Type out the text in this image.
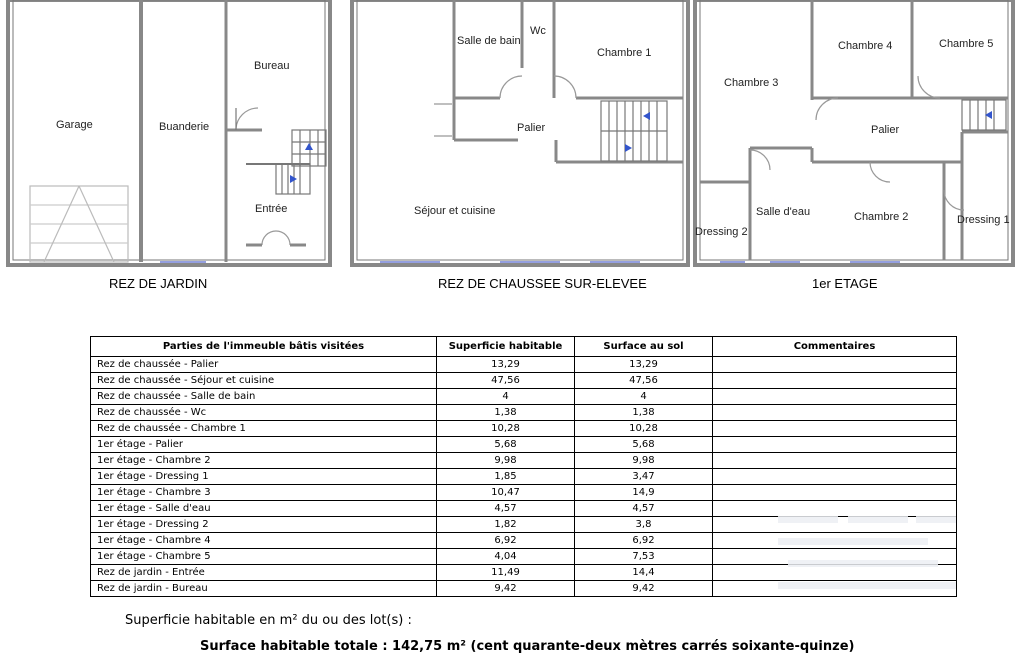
Garage	Buanderie
Bureau
Entrée
Salle de bain
Wc
Chambre 1
Palier
Séjour et cuisine
Chambre 4	Chambre 5
Chambre 3
Palier
Salle d'eau	Chambre 2
Dressing 2
Dressing 1
REZ DE JARDIN	REZ DE CHAUSSEE SUR-ELEVEE	1er ETAGE
Parties de l'immeuble bâtis visitées	Superficie habitable	Surface au sol	Commentaires
Rez de chaussée - Palier	13,29	13,29	
Rez de chaussée - Séjour et cuisine	47,56	47,56	
Rez de chaussée - Salle de bain	4	4	
Rez de chaussée - Wc	1,38	1,38	
Rez de chaussée - Chambre 1	10,28	10,28	
1er étage - Palier	5,68	5,68	
1er étage - Chambre 2	9,98	9,98	
1er étage - Dressing 1	1,85	3,47	
1er étage - Chambre 3	10,47	14,9	
1er étage - Salle d'eau	4,57	4,57	
1er étage - Dressing 2	1,82	3,8	
1er étage - Chambre 4	6,92	6,92	
1er étage - Chambre 5	4,04	7,53	
Rez de jardin - Entrée	11,49	14,4	
Rez de jardin - Bureau	9,42	9,42	
Superficie habitable en m² du ou des lot(s) :
Surface habitable totale : 142,75 m² (cent quarante-deux mètres carrés soixante-quinze)
